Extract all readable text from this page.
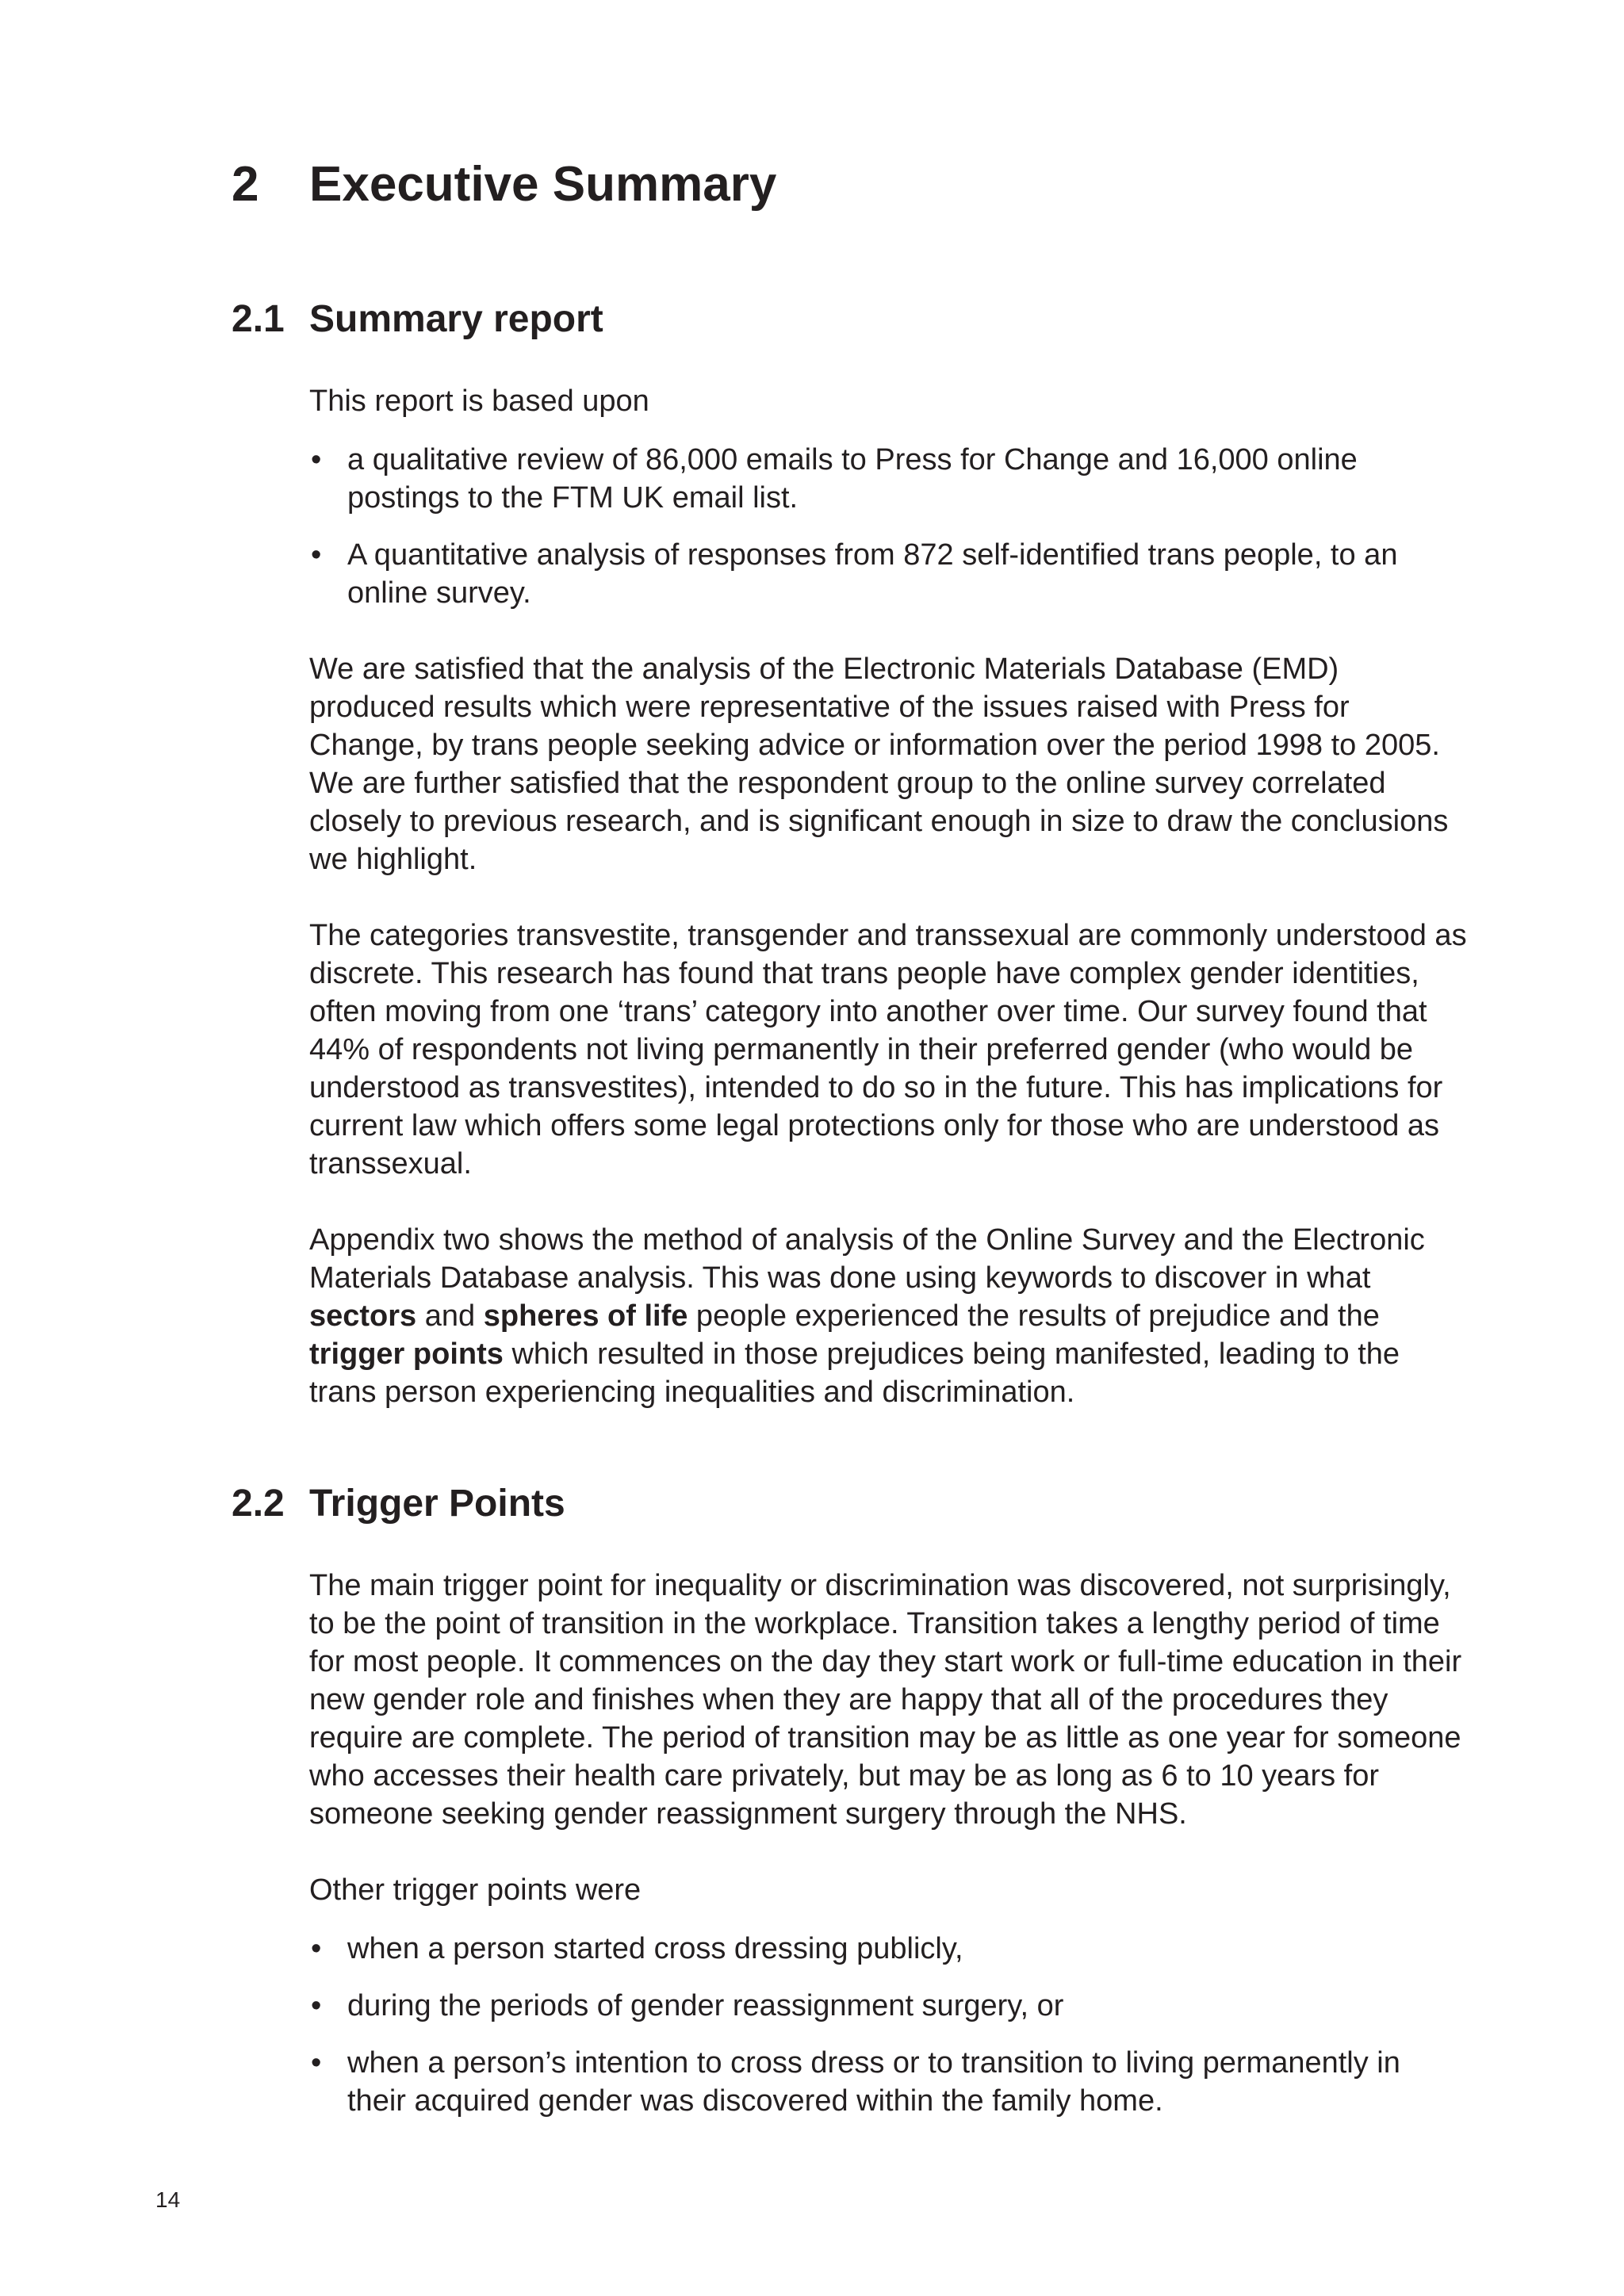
2 Executive Summary
2.1 Summary report

This report is based upon

• a qualitative review of 86,000 emails to Press for Change and 16,000 online postings to the FTM UK email list.
• A quantitative analysis of responses from 872 self-identified trans people, to an online survey.

We are satisfied that the analysis of the Electronic Materials Database (EMD) produced results which were representative of the issues raised with Press for Change, by trans people seeking advice or information over the period 1998 to 2005. We are further satisfied that the respondent group to the online survey correlated closely to previous research, and is significant enough in size to draw the conclusions we highlight.

The categories transvestite, transgender and transsexual are commonly understood as discrete. This research has found that trans people have complex gender identities, often moving from one ‘trans’ category into another over time. Our survey found that 44% of respondents not living permanently in their preferred gender (who would be understood as transvestites), intended to do so in the future. This has implications for current law which offers some legal protections only for those who are understood as transsexual.

Appendix two shows the method of analysis of the Online Survey and the Electronic Materials Database analysis. This was done using keywords to discover in what sectors and spheres of life people experienced the results of prejudice and the trigger points which resulted in those prejudices being manifested, leading to the trans person experiencing inequalities and discrimination.

2.2 Trigger Points

The main trigger point for inequality or discrimination was discovered, not surprisingly, to be the point of transition in the workplace. Transition takes a lengthy period of time for most people. It commences on the day they start work or full-time education in their new gender role and finishes when they are happy that all of the procedures they require are complete. The period of transition may be as little as one year for someone who accesses their health care privately, but may be as long as 6 to 10 years for someone seeking gender reassignment surgery through the NHS.

Other trigger points were

• when a person started cross dressing publicly,
• during the periods of gender reassignment surgery, or
• when a person’s intention to cross dress or to transition to living permanently in their acquired gender was discovered within the family home.
14
